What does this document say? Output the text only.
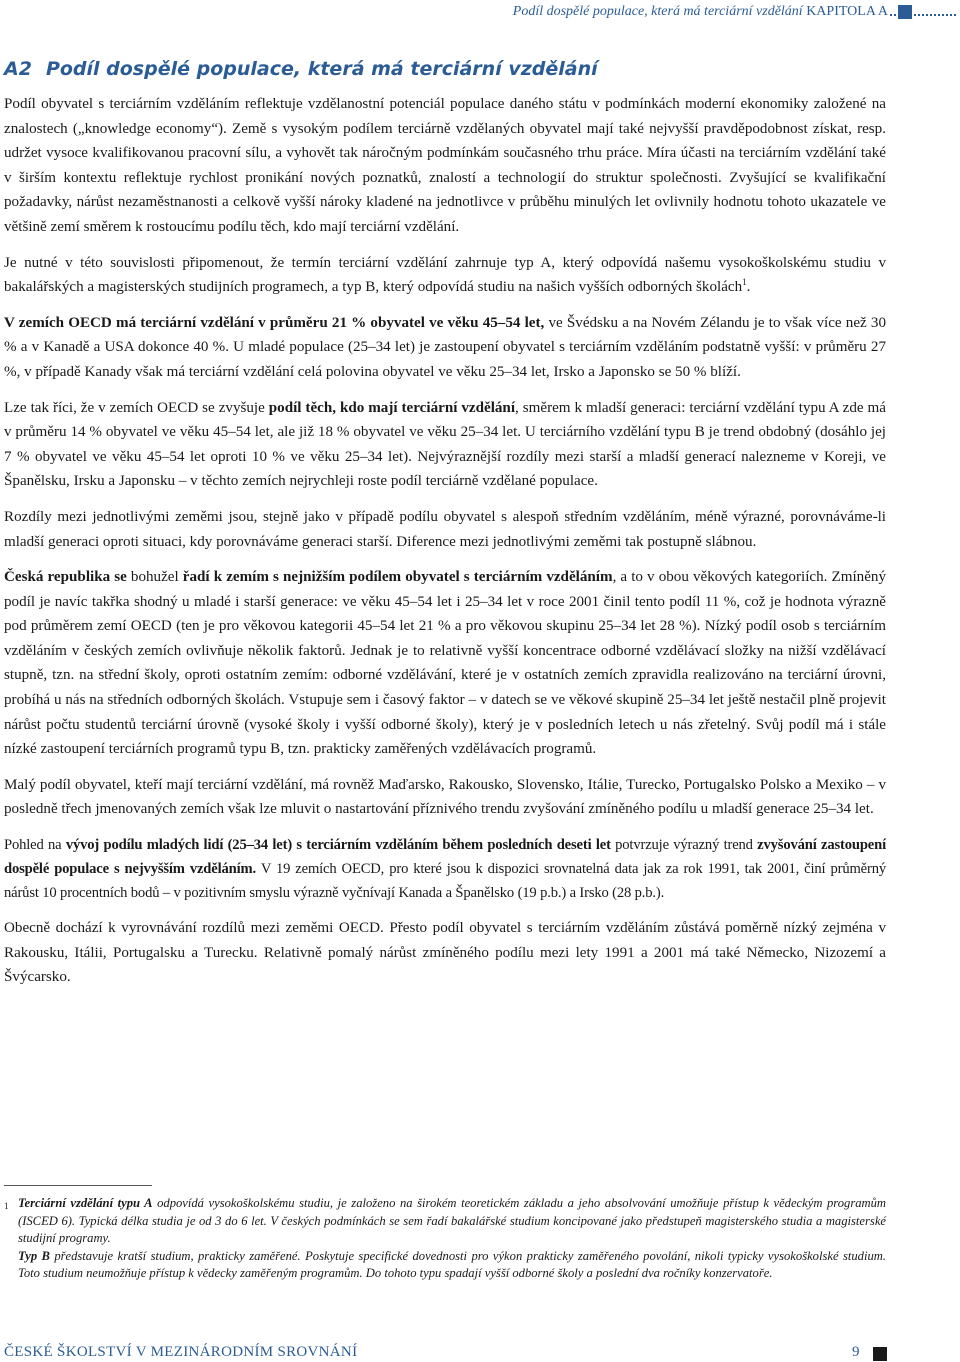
Podíl dospělé populace, která má terciární vzdělání KAPITOLA A
A2 Podíl dospělé populace, která má terciární vzdělání

Podíl obyvatel s terciárním vzděláním reflektuje vzdělanostní potenciál populace daného státu v podmínkách moderní ekonomiky založené na znalostech („knowledge economy“). Země s vysokým podílem terciárně vzdělaných obyvatel mají také nejvyšší pravděpodobnost získat, resp. udržet vysoce kvalifikovanou pracovní sílu, a vyhovět tak náročným podmínkám současného trhu práce. Míra účasti na terciárním vzdělání také v širším kontextu reflektuje rychlost pronikání nových poznatků, znalostí a technologií do struktur společnosti. Zvyšující se kvalifikační požadavky, nárůst nezaměstnanosti a celkově vyšší nároky kladené na jednotlivce v průběhu minulých let ovlivnily hodnotu tohoto ukazatele ve většině zemí směrem k rostoucímu podílu těch, kdo mají terciární vzdělání.

Je nutné v této souvislosti připomenout, že termín terciární vzdělání zahrnuje typ A, který odpovídá našemu vysokoškolskému studiu v bakalářských a magisterských studijních programech, a typ B, který odpovídá studiu na našich vyšších odborných školách$^1$.

V zemích OECD má terciární vzdělání v průměru 21 % obyvatel ve věku 45–54 let, ve Švédsku a na Novém Zélandu je to však více než 30 % a v Kanadě a USA dokonce 40 %. U mladé populace (25–34 let) je zastoupení obyvatel s terciárním vzděláním podstatně vyšší: v průměru 27 %, v případě Kanady však má terciární vzdělání celá polovina obyvatel ve věku 25–34 let, Irsko a Japonsko se 50 % blíží.

Lze tak říci, že v zemích OECD se zvyšuje podíl těch, kdo mají terciární vzdělání, směrem k mladší generaci: terciární vzdělání typu A zde má v průměru 14 % obyvatel ve věku 45–54 let, ale již 18 % obyvatel ve věku 25–34 let. U terciárního vzdělání typu B je trend obdobný (dosáhlo jej 7 % obyvatel ve věku 45–54 let oproti 10 % ve věku 25–34 let). Nejvýraznější rozdíly mezi starší a mladší generací nalezneme v Koreji, ve Španělsku, Irsku a Japonsku – v těchto zemích nejrychleji roste podíl terciárně vzdělané populace.

Rozdíly mezi jednotlivými zeměmi jsou, stejně jako v případě podílu obyvatel s alespoň středním vzděláním, méně výrazné, porovnáváme-li mladší generaci oproti situaci, kdy porovnáváme generaci starší. Diference mezi jednotlivými zeměmi tak postupně slábnou.

Česká republika se bohužel řadí k zemím s nejnižším podílem obyvatel s terciárním vzděláním, a to v obou věkových kategoriích. Zmíněný podíl je navíc takřka shodný u mladé i starší generace: ve věku 45–54 let i 25–34 let v roce 2001 činil tento podíl 11 %, což je hodnota výrazně pod průměrem zemí OECD (ten je pro věkovou kategorii 45–54 let 21 % a pro věkovou skupinu 25–34 let 28 %). Nízký podíl osob s terciárním vzděláním v českých zemích ovlivňuje několik faktorů. Jednak je to relativně vyšší koncentrace odborné vzdělávací složky na nižší vzdělávací stupně, tzn. na střední školy, oproti ostatním zemím: odborné vzdělávání, které je v ostatních zemích zpravidla realizováno na terciární úrovni, probíhá u nás na středních odborných školách. Vstupuje sem i časový faktor – v datech se ve věkové skupině 25–34 let ještě nestačil plně projevit nárůst počtu studentů terciární úrovně (vysoké školy i vyšší odborné školy), který je v posledních letech u nás zřetelný. Svůj podíl má i stále nízké zastoupení terciárních programů typu B, tzn. prakticky zaměřených vzdělávacích programů.

Malý podíl obyvatel, kteří mají terciární vzdělání, má rovněž Maďarsko, Rakousko, Slovensko, Itálie, Turecko, Portugalsko Polsko a Mexiko – v posledně třech jmenovaných zemích však lze mluvit o nastartování příznivého trendu zvyšování zmíněného podílu u mladší generace 25–34 let.

Pohled na vývoj podílu mladých lidí (25–34 let) s terciárním vzděláním během posledních deseti let potvrzuje výrazný trend zvyšování zastoupení dospělé populace s nejvyšším vzděláním. V 19 zemích OECD, pro které jsou k dispozici srovnatelná data jak za rok 1991, tak 2001, činí průměrný nárůst 10 procentních bodů – v pozitivním smyslu výrazně vyčnívají Kanada a Španělsko (19 p.b.) a Irsko (28 p.b.).

Obecně dochází k vyrovnávání rozdílů mezi zeměmi OECD. Přesto podíl obyvatel s terciárním vzděláním zůstává poměrně nízký zejména v Rakousku, Itálii, Portugalsku a Turecku. Relativně pomalý nárůst zmíněného podílu mezi lety 1991 a 2001 má také Německo, Nizozemí a Švýcarsko.

1 Terciární vzdělání typu A odpovídá vysokoškolskému studiu, je založeno na širokém teoretickém základu a jeho absolvování umožňuje přístup k vědeckým programům (ISCED 6). Typická délka studia je od 3 do 6 let. V českých podmínkách se sem řadí bakalářské studium koncipované jako předstupeň magisterského studia a magisterské studijní programy.
Typ B představuje kratší studium, prakticky zaměřené. Poskytuje specifické dovednosti pro výkon prakticky zaměřeného povolání, nikoli typicky vysokoškolské studium. Toto studium neumožňuje přístup k vědecky zaměřeným programům. Do tohoto typu spadají vyšší odborné školy a poslední dva ročníky konzervatoře.

ČESKÉ ŠKOLSTVÍ V MEZINÁRODNÍM SROVNÁNÍ	9
